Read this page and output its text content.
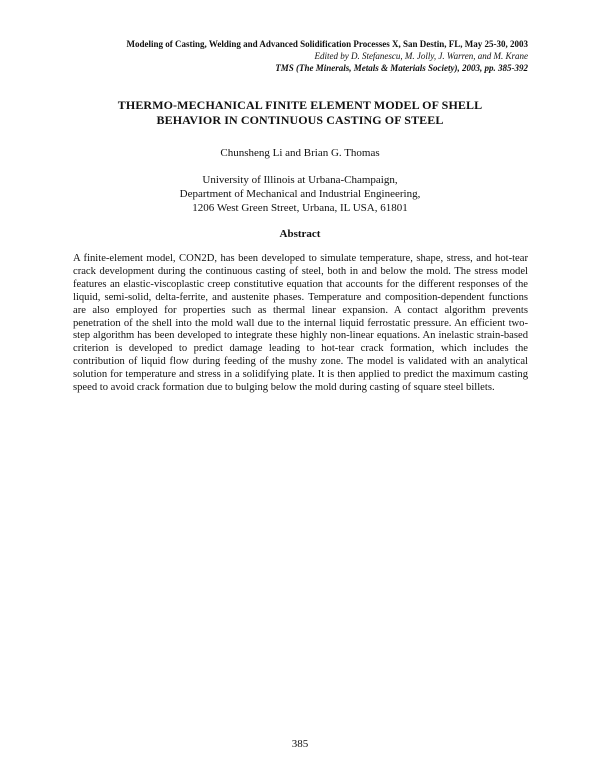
Modeling of Casting, Welding and Advanced Solidification Processes X, San Destin, FL, May 25-30, 2003
Edited by D. Stefanescu, M. Jolly, J. Warren, and M. Krane
TMS (The Minerals, Metals & Materials Society), 2003, pp. 385-392
THERMO-MECHANICAL FINITE ELEMENT MODEL OF SHELL
BEHAVIOR IN CONTINUOUS CASTING OF STEEL
Chunsheng Li and Brian G. Thomas
University of Illinois at Urbana-Champaign,
Department of Mechanical and Industrial Engineering,
1206 West Green Street, Urbana, IL USA, 61801
Abstract
A finite-element model, CON2D, has been developed to simulate temperature, shape, stress, and hot-tear crack development during the continuous casting of steel, both in and below the mold. The stress model features an elastic-viscoplastic creep constitutive equation that accounts for the different responses of the liquid, semi-solid, delta-ferrite, and austenite phases. Temperature and composition-dependent functions are also employed for properties such as thermal linear expansion. A contact algorithm prevents penetration of the shell into the mold wall due to the internal liquid ferrostatic pressure. An efficient two-step algorithm has been developed to integrate these highly non-linear equations. An inelastic strain-based criterion is developed to predict damage leading to hot-tear crack formation, which includes the contribution of liquid flow during feeding of the mushy zone. The model is validated with an analytical solution for temperature and stress in a solidifying plate. It is then applied to predict the maximum casting speed to avoid crack formation due to bulging below the mold during casting of square steel billets.
385
